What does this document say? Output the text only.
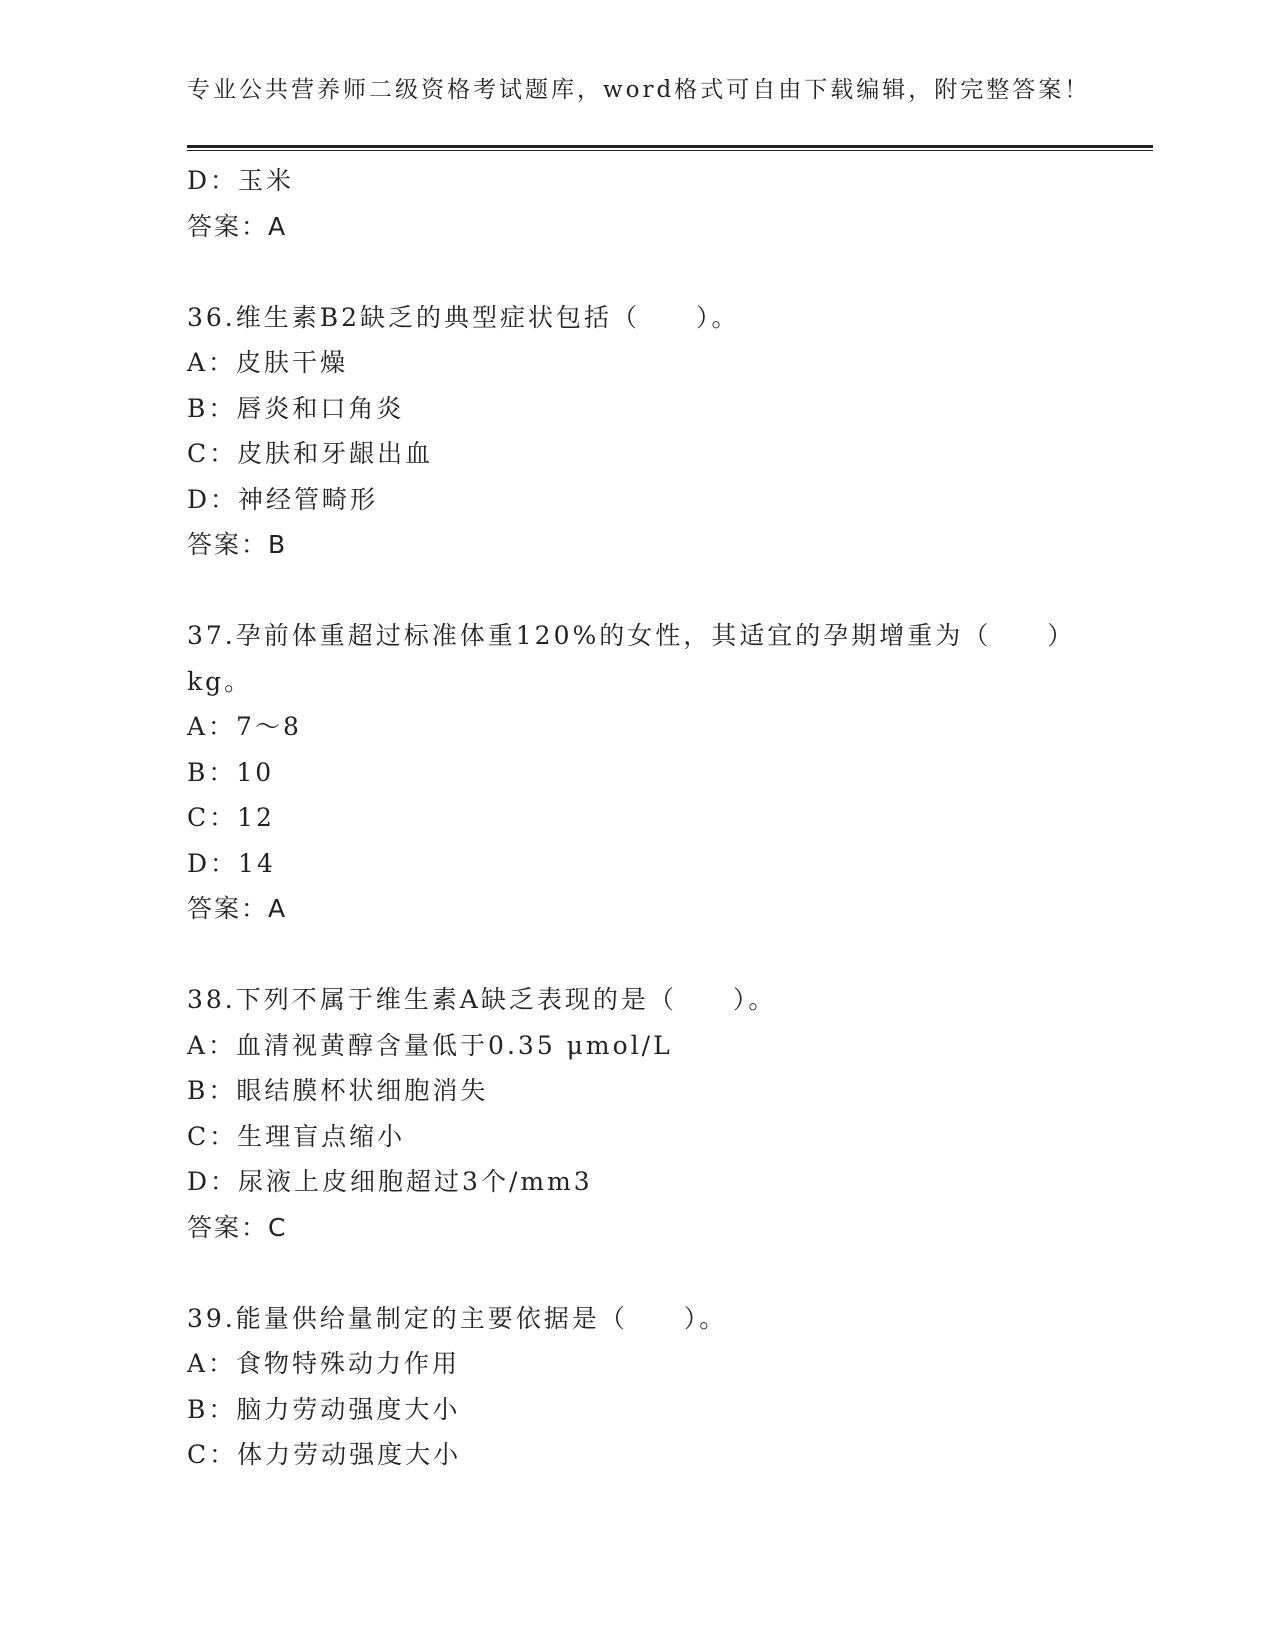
专业公共营养师二级资格考试题库，word格式可自由下载编辑，附完整答案！
D：玉米
答案：A
36.维生素B2缺乏的典型症状包括（　　）。
A：皮肤干燥
B：唇炎和口角炎
C：皮肤和牙龈出血
D：神经管畸形
答案：B
37.孕前体重超过标准体重120%的女性，其适宜的孕期增重为（　　）
kg。
A：7～8
B：10
C：12
D：14
答案：A
38.下列不属于维生素A缺乏表现的是（　　）。
A：血清视黄醇含量低于0.35 μmol/L
B：眼结膜杯状细胞消失
C：生理盲点缩小
D：尿液上皮细胞超过3个/mm3
答案：C
39.能量供给量制定的主要依据是（　　）。
A：食物特殊动力作用
B：脑力劳动强度大小
C：体力劳动强度大小
